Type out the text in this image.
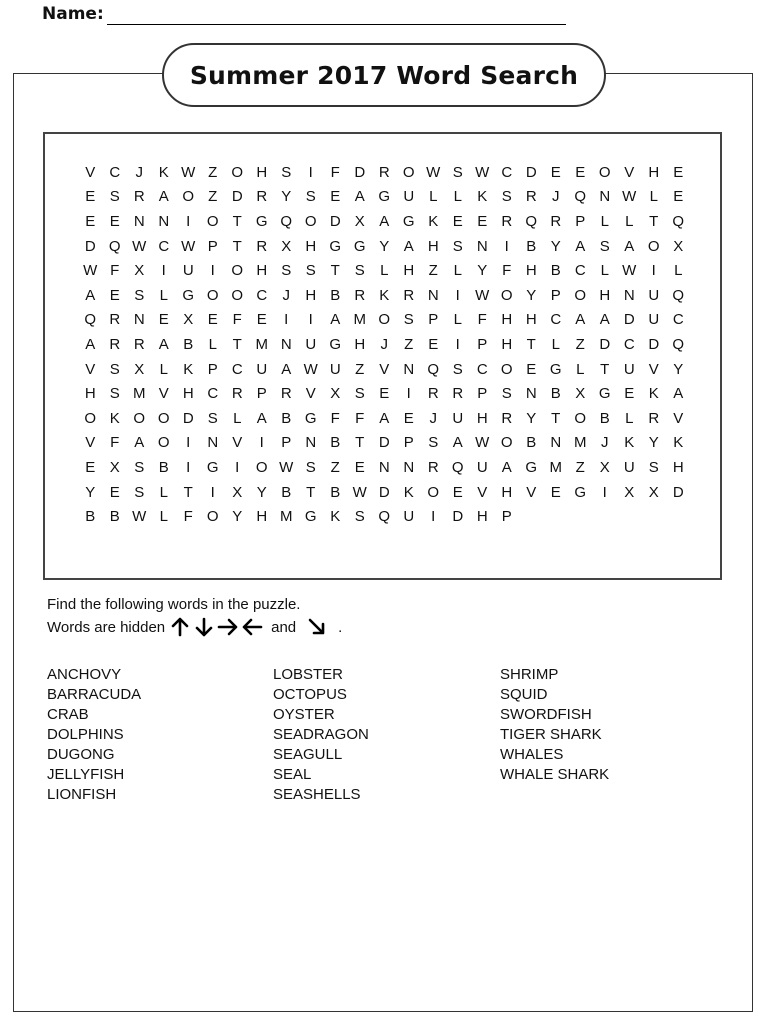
Name:
Summer 2017 Word Search
V C	J	K W Z O H S	I	F D R O W S W C D E E O V H E
E S R A O Z D R Y S E A G U L	L	K S R	J Q N W L	E
E E N N	I	O T G Q O D X A G K E E R Q R P	L	L	T Q
D Q W C W P T R X H G G Y A H S N	I	B Y A S A O X
W F X	I	U	I	O H S S T S	L H Z	L	Y F H B C L W	I	L
A E S	L G O O C	J	H B R K R N	I	W O Y P O H N U Q
Q R N E X E F E	I	I	A M O S P	L	F H H C A A D U C
A R R A B	L	T M N U G H	J	Z E	I	P H T	L	Z D C D Q
V S X	L	K P C U A W U Z V N Q S C O E G L	T U V Y
H S M V H C R P R V X S E	I	R R P S N B X G E K A
O K O O D S	L	A B G F	F A E	J	U H R Y T O B	L R V
V F A O	I	N V	I	P N B T D P S A W O B N M J	K Y K
E X S B	I	G	I	O W S Z E N N R Q U A G M Z X U S H
Y E S	L	T	I	X Y B T B W D K O E V H V E G	I	X X D
B B W L	F O Y H M G K S Q U	I	D H P
Find the following words in the puzzle.
Words are hidden	and	.
ANCHOVY
BARRACUDA
CRAB
DOLPHINS
DUGONG
JELLYFISH
LIONFISH
LOBSTER
OCTOPUS
OYSTER
SEADRAGON
SEAGULL
SEAL
SEASHELLS
SHRIMP
SQUID
SWORDFISH
TIGER SHARK
WHALES
WHALE SHARK
